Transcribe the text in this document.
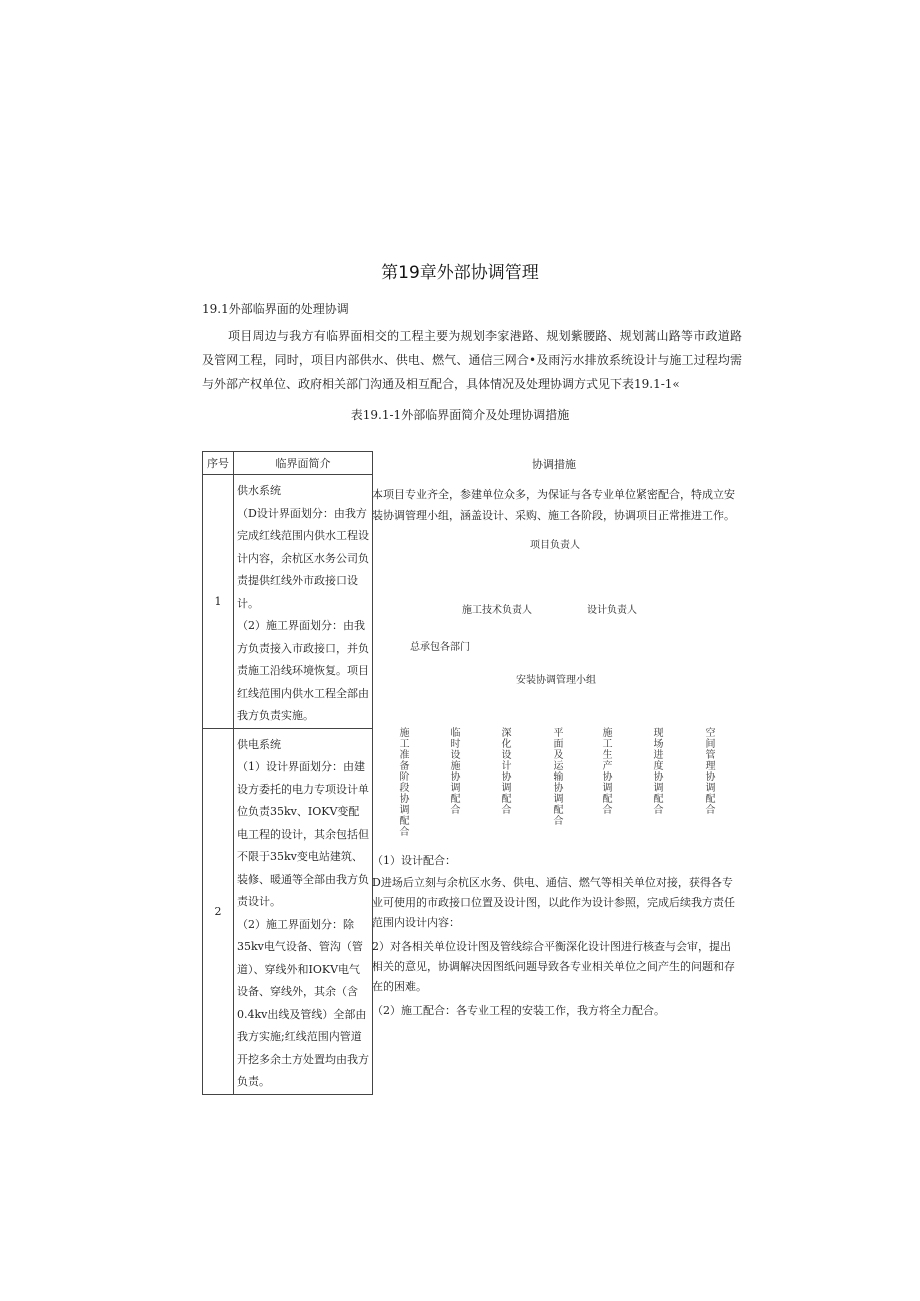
第19章外部协调管理
19.1外部临界面的处理协调
项目周边与我方有临界面相交的工程主要为规划李家港路、规划紫腰路、规划蒿山路等市政道路及管网工程，同时，项目内部供水、供电、燃气、通信三网合•及雨污水排放系统设计与施工过程均需与外部产权单位、政府相关部门沟通及相互配合，具体情况及处理协调方式见下表19.1-1«
表19.1-1外部临界面简介及处理协调措施
序号	临界面简介
1	供水系统

（D设计界面划分：由我方完成红线范围内供水工程设计内容，余杭区水务公司负责提供红线外市政接口设计。

（2）施工界面划分：由我方负责接入市政接口，并负责施工沿线环境恢复。项目红线范围内供水工程全部由我方负责实施。

2	供电系统

（1）设计界面划分：由建设方委托的电力专项设计单位负责35kv、IOKV变配电工程的设计，其余包括但不限于35kv变电站建筑、装修、暖通等全部由我方负责设计。

（2）施工界面划分：除35kv电气设备、管沟（管道）、穿线外和IOKV电气设备、穿线外，其余（含0.4kv出线及管线）全部由我方实施;红线范围内管道开挖多余土方处置均由我方负责。

协调措施
本项目专业齐全，参建单位众多，为保证与各专业单位紧密配合，特成立安装协调管理小组，涵盖设计、采购、施工各阶段，协调项目正常推进工作。
项目负责人
施工技术负责人	设计负责人
总承包各部门
安装协调管理小组
施工准备阶段协调配合	临时设施协调配合	深化设计协调配合	平面及运输协调配合	施工生产协调配合	现场进度协调配合	空间管理协调配合
（1）设计配合：
D进场后立刻与余杭区水务、供电、通信、燃气等相关单位对接，获得各专业可使用的市政接口位置及设计图，以此作为设计参照，完成后续我方责任范围内设计内容：
2）对各相关单位设计图及管线综合平衡深化设计图进行核查与会审，提出相关的意见，协调解决因图纸问题导致各专业相关单位之间产生的问题和存在的困难。
（2）施工配合：各专业工程的安装工作，我方将全力配合。
